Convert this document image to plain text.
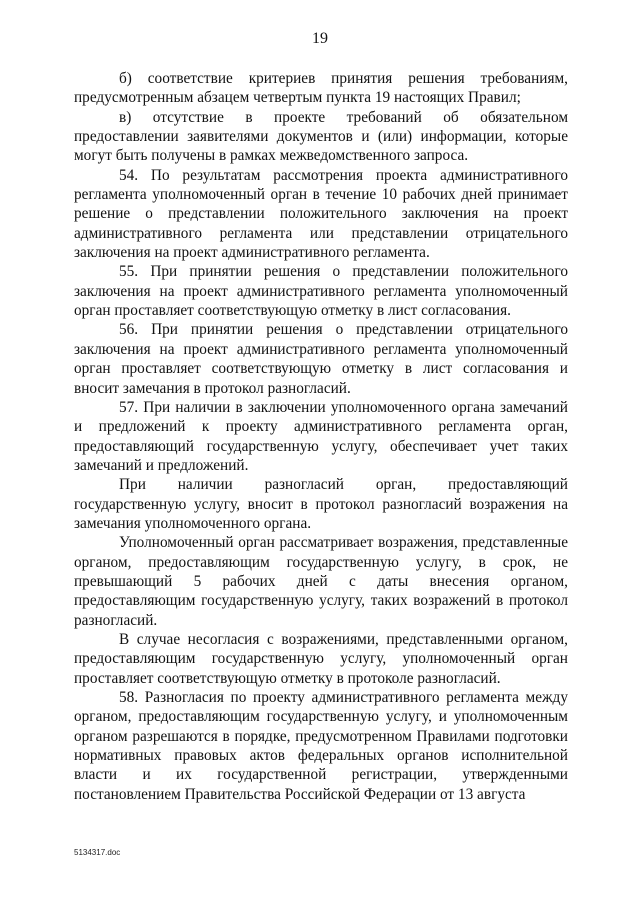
19

б) соответствие критериев принятия решения требованиям, предусмотренным абзацем четвертым пункта 19 настоящих Правил;

в) отсутствие в проекте требований об обязательном предоставлении заявителями документов и (или) информации, которые могут быть получены в рамках межведомственного запроса.

54. По результатам рассмотрения проекта административного регламента уполномоченный орган в течение 10 рабочих дней принимает решение о представлении положительного заключения на проект административного регламента или представлении отрицательного заключения на проект административного регламента.

55. При принятии решения о представлении положительного заключения на проект административного регламента уполномоченный орган проставляет соответствующую отметку в лист согласования.

56. При принятии решения о представлении отрицательного заключения на проект административного регламента уполномоченный орган проставляет соответствующую отметку в лист согласования и вносит замечания в протокол разногласий.

57. При наличии в заключении уполномоченного органа замечаний и предложений к проекту административного регламента орган, предоставляющий государственную услугу, обеспечивает учет таких замечаний и предложений.

При наличии разногласий орган, предоставляющий государственную услугу, вносит в протокол разногласий возражения на замечания уполномоченного органа.

Уполномоченный орган рассматривает возражения, представленные органом, предоставляющим государственную услугу, в срок, не превышающий 5 рабочих дней с даты внесения органом, предоставляющим государственную услугу, таких возражений в протокол разногласий.

В случае несогласия с возражениями, представленными органом, предоставляющим государственную услугу, уполномоченный орган проставляет соответствующую отметку в протоколе разногласий.

58. Разногласия по проекту административного регламента между органом, предоставляющим государственную услугу, и уполномоченным органом разрешаются в порядке, предусмотренном Правилами подготовки нормативных правовых актов федеральных органов исполнительной власти и их государственной регистрации, утвержденными постановлением Правительства Российской Федерации от 13 августа

5134317.doc
